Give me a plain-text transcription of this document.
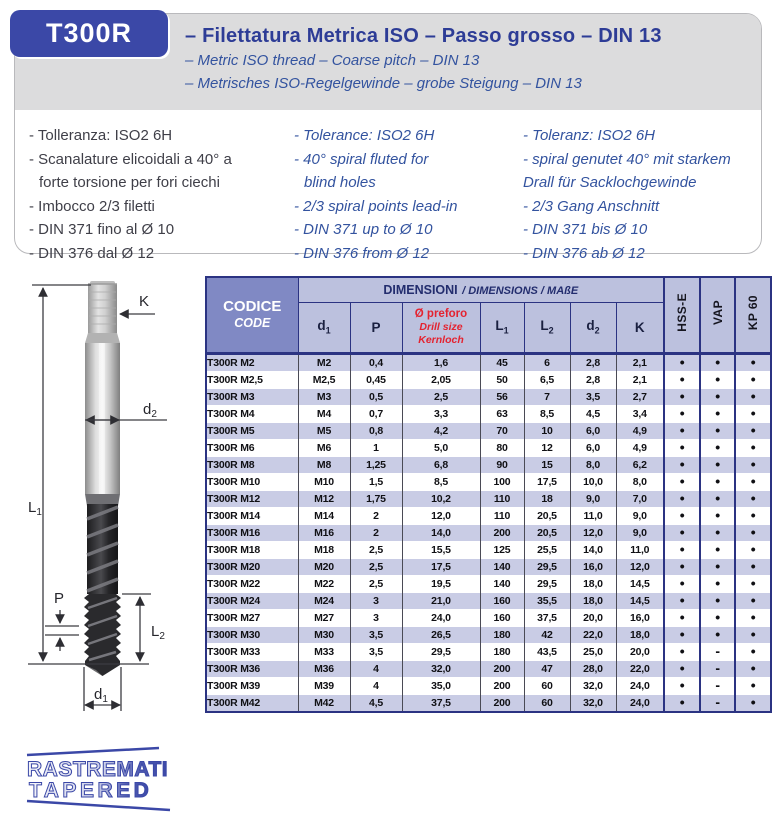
– Filettatura Metrica ISO – Passo grosso – DIN 13
– Metric ISO thread – Coarse pitch – DIN 13
– Metrisches ISO-Regelgewinde – grobe Steigung – DIN 13
T300R
- Tolleranza: ISO2 6H
- Scanalature elicoidali a 40° a
forte torsione per fori ciechi
- Imbocco 2/3 filetti
- DIN 371 fino al Ø 10
- DIN 376 dal Ø 12
- Tolerance: ISO2 6H
- 40° spiral fluted for
blind holes
- 2/3 spiral points lead-in
- DIN 371 up to Ø 10
- DIN 376 from Ø 12
- Toleranz: ISO2 6H
- spiral genutet 40° mit starkem
Drall für Sacklochgewinde
- 2/3 Gang Anschnitt
- DIN 371 bis Ø 10
- DIN 376 ab Ø 12
K
$d_2$
$L_1$
P
$L_2$
$d_1$
CODICE
CODE	DIMENSIONI / DIMENSIONS / MAßE							HSS-E	VAP	KP 60
	$d_1$	P	Ø preforo
Drill size
Kernloch	$L_1$	$L_2$	$d_2$	K			
T300R M2	M2	0,4	1,6	45	6	2,8	2,1	•	•	•
T300R M2,5	M2,5	0,45	2,05	50	6,5	2,8	2,1	•	•	•
T300R M3	M3	0,5	2,5	56	7	3,5	2,7	•	•	•
T300R M4	M4	0,7	3,3	63	8,5	4,5	3,4	•	•	•
T300R M5	M5	0,8	4,2	70	10	6,0	4,9	•	•	•
T300R M6	M6	1	5,0	80	12	6,0	4,9	•	•	•
T300R M8	M8	1,25	6,8	90	15	8,0	6,2	•	•	•
T300R M10	M10	1,5	8,5	100	17,5	10,0	8,0	•	•	•
T300R M12	M12	1,75	10,2	110	18	9,0	7,0	•	•	•
T300R M14	M14	2	12,0	110	20,5	11,0	9,0	•	•	•
T300R M16	M16	2	14,0	200	20,5	12,0	9,0	•	•	•
T300R M18	M18	2,5	15,5	125	25,5	14,0	11,0	•	•	•
T300R M20	M20	2,5	17,5	140	29,5	16,0	12,0	•	•	•
T300R M22	M22	2,5	19,5	140	29,5	18,0	14,5	•	•	•
T300R M24	M24	3	21,0	160	35,5	18,0	14,5	•	•	•
T300R M27	M27	3	24,0	160	37,5	20,0	16,0	•	•	•
T300R M30	M30	3,5	26,5	180	42	22,0	18,0	•	•	•
T300R M33	M33	3,5	29,5	180	43,5	25,0	20,0	•	-	•
T300R M36	M36	4	32,0	200	47	28,0	22,0	•	-	•
T300R M39	M39	4	35,0	200	60	32,0	24,0	•	-	•
T300R M42	M42	4,5	37,5	200	60	32,0	24,0	•	-	•
RASTREMATI
TAPERED
